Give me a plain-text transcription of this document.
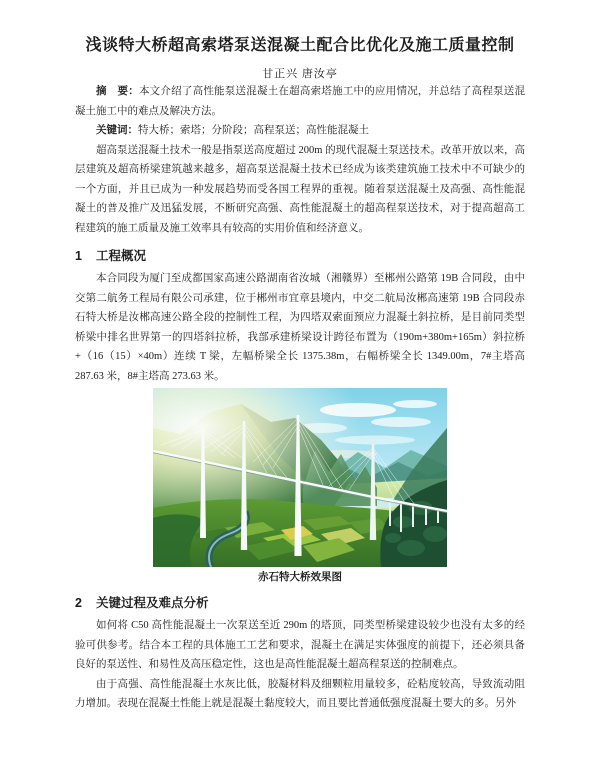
浅谈特大桥超高索塔泵送混凝土配合比优化及施工质量控制
甘正兴 唐汝亭

摘　要：本文介绍了高性能泵送混凝土在超高索塔施工中的应用情况，并总结了高程泵送混凝土施工中的难点及解决方法。

关键词：特大桥；索塔；分阶段；高程泵送；高性能混凝土

超高泵送混凝土技术一般是指泵送高度超过 200m 的现代混凝土泵送技术。改革开放以来，高层建筑及超高桥梁建筑越来越多，超高泵送混凝土技术已经成为该类建筑施工技术中不可缺少的一个方面，并且已成为一种发展趋势而受各国工程界的重视。随着泵送混凝土及高强、高性能混凝土的普及推广及迅猛发展，不断研究高强、高性能混凝土的超高程泵送技术，对于提高超高工程建筑的施工质量及施工效率具有较高的实用价值和经济意义。

1 工程概况

本合同段为厦门至成都国家高速公路湖南省汝城（湘赣界）至郴州公路第 19B 合同段，由中交第二航务工程局有限公司承建，位于郴州市宜章县境内，中交二航局汝郴高速第 19B 合同段赤石特大桥是汝郴高速公路全段的控制性工程，为四塔双索面预应力混凝土斜拉桥，是目前同类型桥梁中排名世界第一的四塔斜拉桥，我部承建桥梁设计跨径布置为（190m+380m+165m）斜拉桥+（16（15）×40m）连续 T 梁，左幅桥梁全长 1375.38m，右幅桥梁全长 1349.00m，7#主塔高 287.63 米，8#主塔高 273.63 米。

赤石特大桥效果图
2 关键过程及难点分析

如何将 C50 高性能混凝土一次泵送至近 290m 的塔顶，同类型桥梁建设较少也没有太多的经验可供参考。结合本工程的具体施工工艺和要求，混凝土在满足实体强度的前提下，还必须具备良好的泵送性、和易性及高压稳定性，这也是高性能混凝土超高程泵送的控制难点。

由于高强、高性能混凝土水灰比低，胶凝材料及细颗粒用量较多，砼粘度较高，导致流动阻力增加。表现在混凝土性能上就是混凝土黏度较大，而且要比普通低强度混凝土要大的多。另外
